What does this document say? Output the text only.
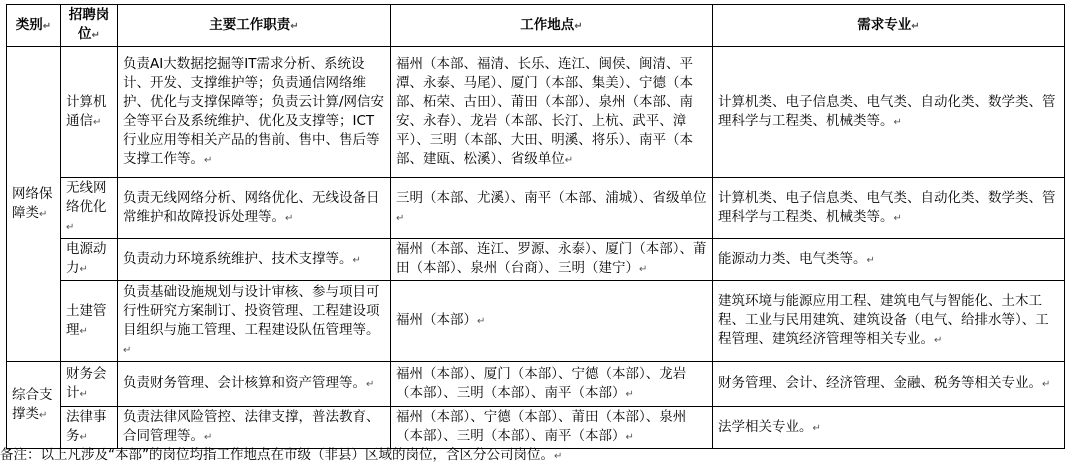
类别↵	招聘岗位↵	主要工作职责↵	工作地点↵	需求专业↵
网络保障类↵	计算机通信↵	负责AI大数据挖掘等IT需求分析、系统设计、开发、支撑维护等；负责通信网络维护、优化与支撑保障等；负责云计算/网信安全等平台及系统维护、优化及支撑等；ICT行业应用等相关产品的售前、售中、售后等支撑工作等。↵	福州（本部、福清、长乐、连江、闽侯、闽清、平潭、永泰、马尾）、厦门（本部、集美）、宁德（本部、柘荣、古田）、莆田（本部）、泉州（本部、南安、永春）、龙岩（本部、长汀、上杭、武平、漳平）、三明（本部、大田、明溪、将乐）、南平（本部、建瓯、松溪）、省级单位↵	计算机类、电子信息类、电气类、自动化类、数学类、管理科学与工程类、机械类等。↵
	无线网络优化↵	负责无线网络分析、网络优化、无线设备日常维护和故障投诉处理等。↵	三明（本部、尤溪）、南平（本部、浦城）、省级单位↵	计算机类、电子信息类、电气类、自动化类、数学类、管理科学与工程类、机械类等。↵
	电源动力↵	负责动力环境系统维护、技术支撑等。↵	福州（本部、连江、罗源、永泰）、厦门（本部）、莆田（本部）、泉州（台商）、三明（建宁）↵	能源动力类、电气类等。↵
	土建管理↵	负责基础设施规划与设计审核、参与项目可行性研究方案制订、投资管理、工程建设项目组织与施工管理、工程建设队伍管理等。↵	福州（本部）↵	建筑环境与能源应用工程、建筑电气与智能化、土木工程、工业与民用建筑、建筑设备（电气、给排水等）、工程管理、建筑经济管理等相关专业。↵
综合支撑类↵	财务会计↵	负责财务管理、会计核算和资产管理等。↵	福州（本部）、厦门（本部）、宁德（本部）、龙岩（本部）、三明（本部）、南平（本部）↵	财务管理、会计、经济管理、金融、税务等相关专业。↵
	法律事务↵	负责法律风险管控、法律支撑，普法教育、合同管理等。↵	福州（本部）、宁德（本部）、莆田（本部）、泉州（本部）、三明（本部）、南平（本部）↵	法学相关专业。↵
备注：以上凡涉及“本部”的岗位均指工作地点在市级（非县）区域的岗位，含区分公司岗位。↵
